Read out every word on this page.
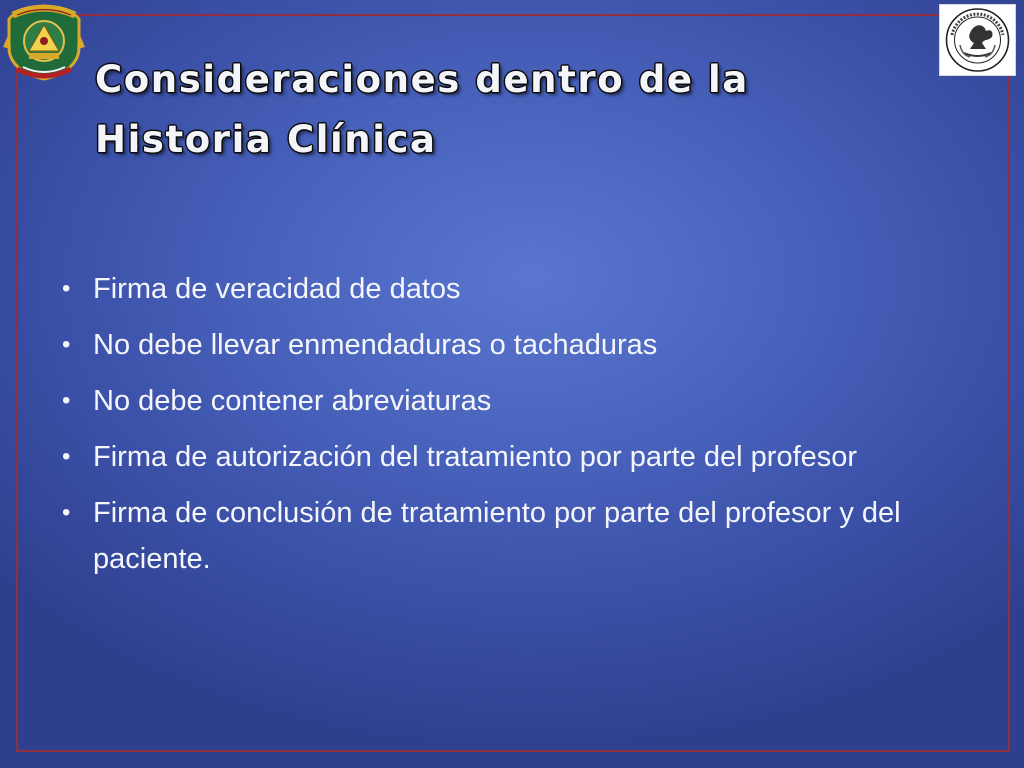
Consideraciones dentro de la Historia Clínica
• Firma de veracidad de datos
• No debe llevar enmendaduras o tachaduras
• No debe contener abreviaturas
• Firma de autorización del tratamiento por parte del profesor
• Firma de conclusión de tratamiento por parte del profesor y del paciente.
